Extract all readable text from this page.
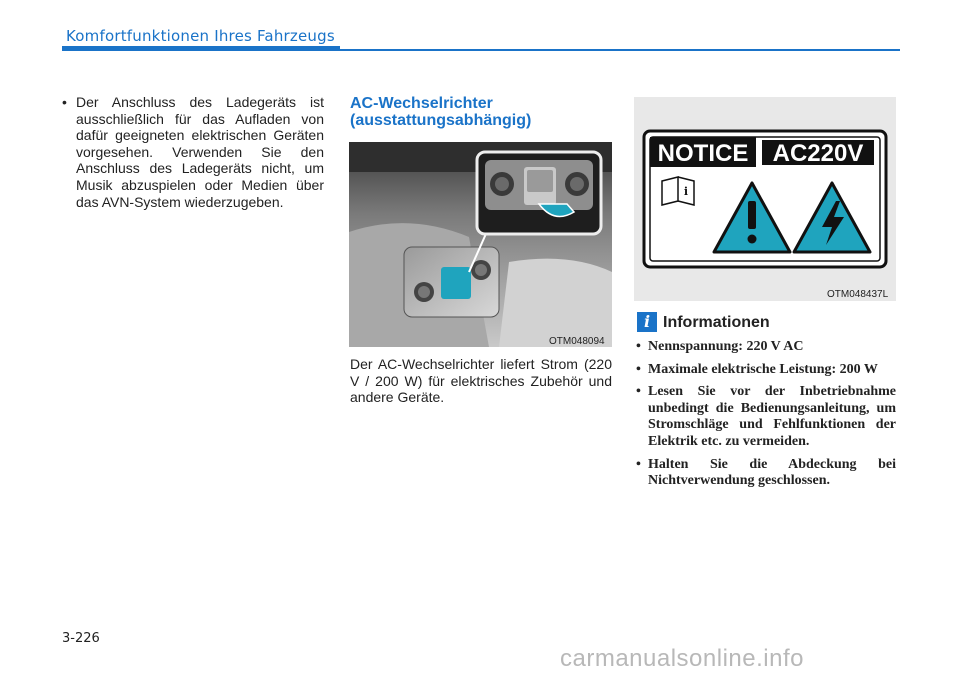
Komfortfunktionen Ihres Fahrzeugs
• Der Anschluss des Ladegeräts ist ausschließlich für das Aufladen von dafür geeigneten elektrischen Geräten vorgesehen. Verwenden Sie den Anschluss des Ladegeräts nicht, um Musik abzuspielen oder Medien über das AVN-System wiederzugeben.
AC-Wechselrichter (ausstattungsabhängig)
OTM048094
Der AC-Wechselrichter liefert Strom (220 V / 200 W) für elektrisches Zubehör und andere Geräte.
NOTICE AC220V
i
OTM048437L
i Informationen
• Nennspannung: 220 V AC
• Maximale elektrische Leistung: 200 W
• Lesen Sie vor der Inbetriebnahme unbedingt die Bedienungsanleitung, um Stromschläge und Fehlfunktionen der Elektrik etc. zu vermeiden.
• Halten Sie die Abdeckung bei Nichtverwendung geschlossen.
3-226
carmanualsonline.info
